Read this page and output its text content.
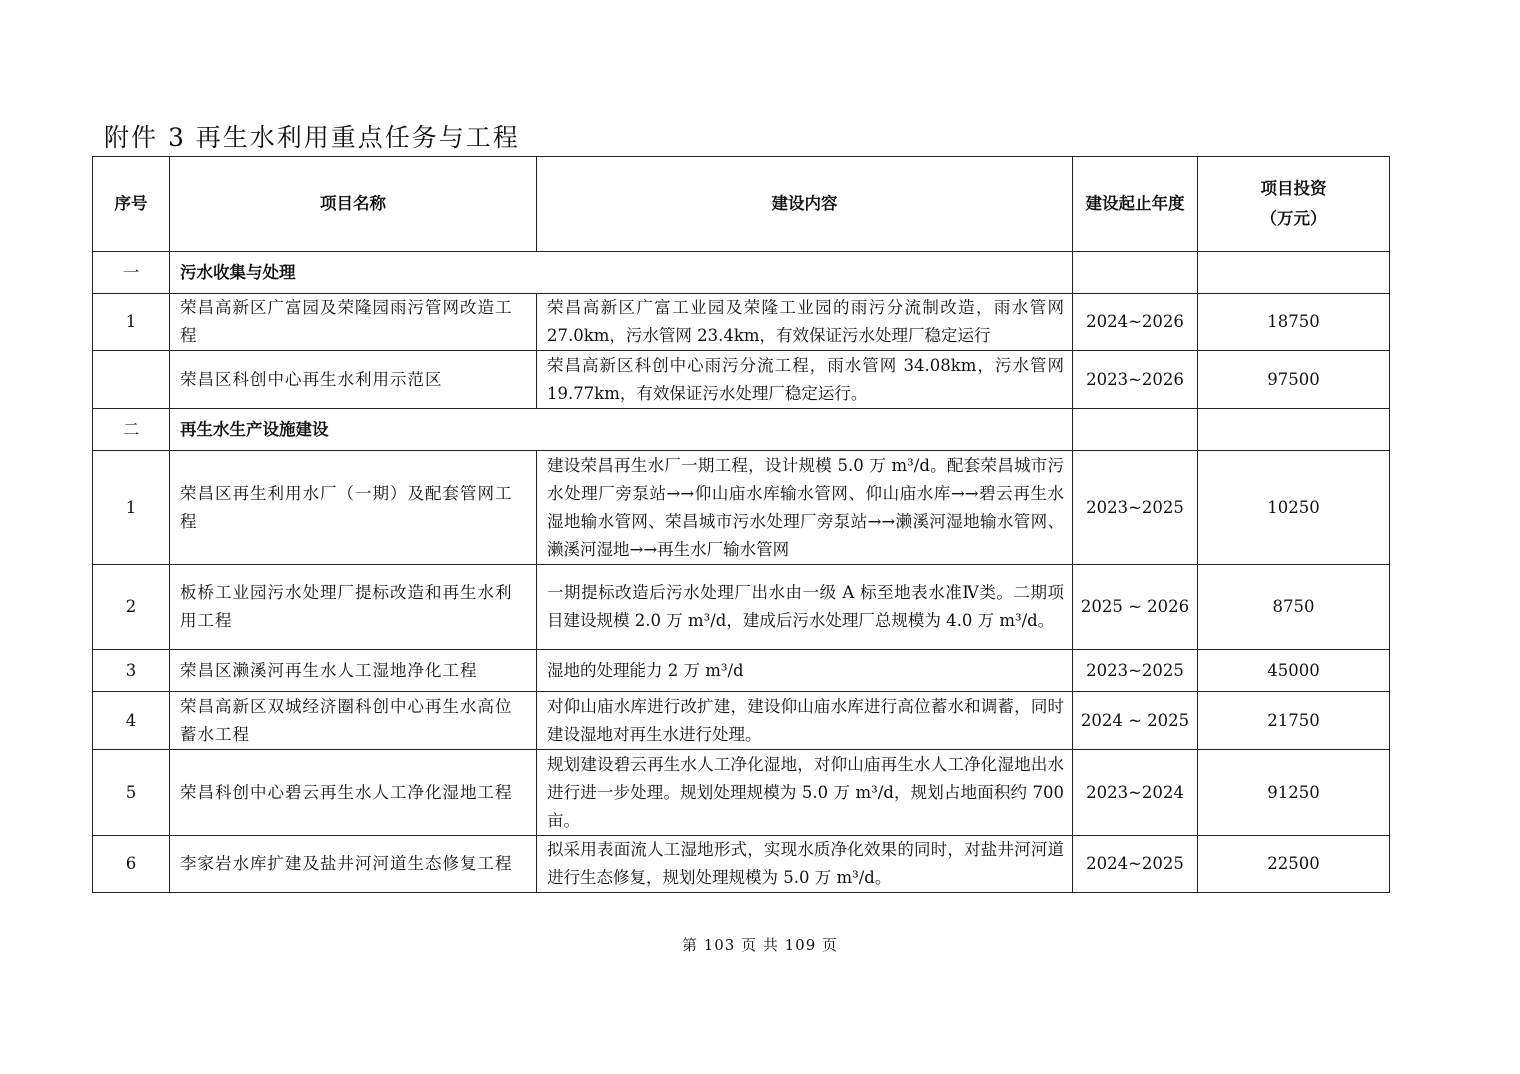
附件 3 再生水利用重点任务与工程
序号	项目名称	建设内容	建设起止年度	项目投资
（万元）

一	污水收集与处理			
1	荣昌高新区广富园及荣隆园雨污管网改造工程	荣昌高新区广富工业园及荣隆工业园的雨污分流制改造，雨水管网 27.0km，污水管网 23.4km，有效保证污水处理厂稳定运行	2024~2026	18750
	荣昌区科创中心再生水利用示范区	荣昌高新区科创中心雨污分流工程，雨水管网 34.08km，污水管网 19.77km，有效保证污水处理厂稳定运行。	2023~2026	97500
二	再生水生产设施建设			
1	荣昌区再生利用水厂（一期）及配套管网工程	建设荣昌再生水厂一期工程，设计规模 5.0 万 m³/d。配套荣昌城市污水处理厂旁泵站→→仰山庙水库输水管网、仰山庙水库→→碧云再生水湿地输水管网、荣昌城市污水处理厂旁泵站→→濑溪河湿地输水管网、濑溪河湿地→→再生水厂输水管网	2023~2025	10250
2	板桥工业园污水处理厂提标改造和再生水利用工程	一期提标改造后污水处理厂出水由一级 A 标至地表水准Ⅳ类。二期项目建设规模 2.0 万 m³/d，建成后污水处理厂总规模为 4.0 万 m³/d。	2025 ~ 2026	8750
3	荣昌区濑溪河再生水人工湿地净化工程	湿地的处理能力 2 万 m³/d	2023~2025	45000
4	荣昌高新区双城经济圈科创中心再生水高位蓄水工程	对仰山庙水库进行改扩建，建设仰山庙水库进行高位蓄水和调蓄，同时建设湿地对再生水进行处理。	2024 ~ 2025	21750
5	荣昌科创中心碧云再生水人工净化湿地工程	规划建设碧云再生水人工净化湿地，对仰山庙再生水人工净化湿地出水进行进一步处理。规划处理规模为 5.0 万 m³/d，规划占地面积约 700 亩。	2023~2024	91250
6	李家岩水库扩建及盐井河河道生态修复工程	拟采用表面流人工湿地形式，实现水质净化效果的同时，对盐井河河道进行生态修复，规划处理规模为 5.0 万 m³/d。	2024~2025	22500
第 103 页 共 109 页
